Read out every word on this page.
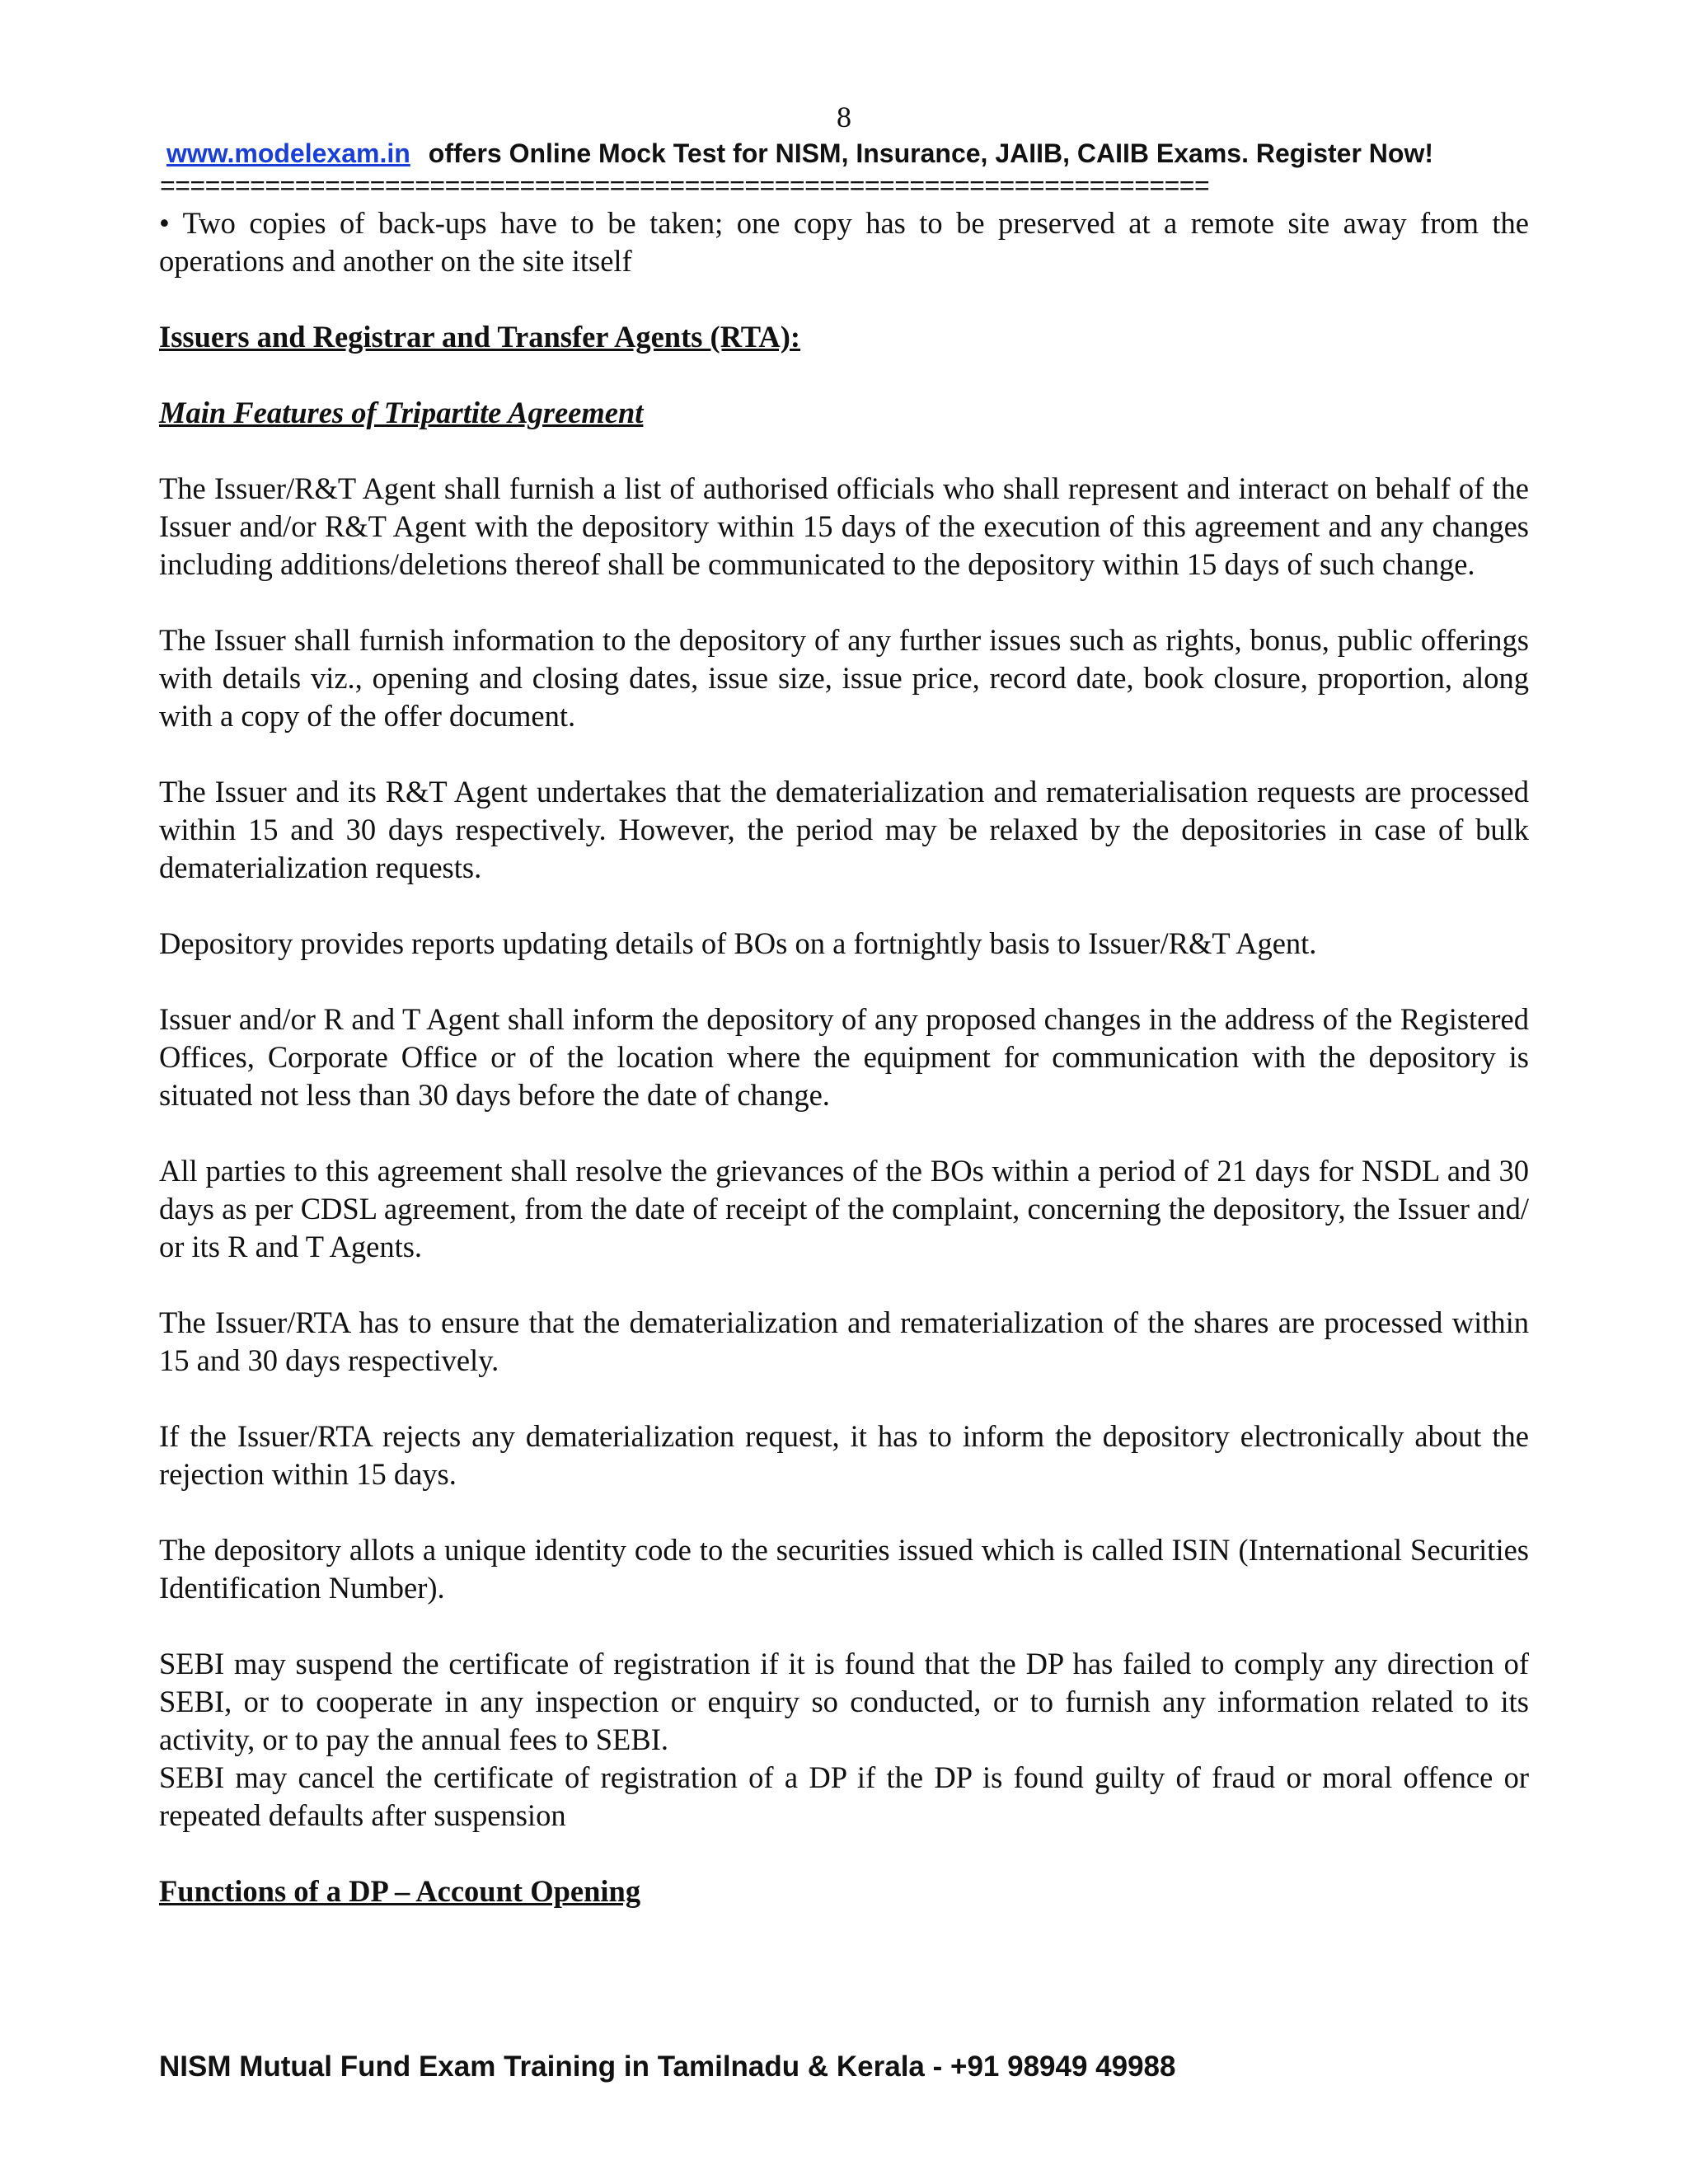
8
www.modelexam.in offers Online Mock Test for NISM, Insurance, JAIIB, CAIIB Exams. Register Now!
======================================================================

• Two copies of back-ups have to be taken; one copy has to be preserved at a remote site away from the operations and another on the site itself

Issuers and Registrar and Transfer Agents (RTA):
Main Features of Tripartite Agreement

The Issuer/R&T Agent shall furnish a list of authorised officials who shall represent and interact on behalf of the Issuer and/or R&T Agent with the depository within 15 days of the execution of this agreement and any changes including additions/deletions thereof shall be communicated to the depository within 15 days of such change.

The Issuer shall furnish information to the depository of any further issues such as rights, bonus, public offerings with details viz., opening and closing dates, issue size, issue price, record date, book closure, proportion, along with a copy of the offer document.

The Issuer and its R&T Agent undertakes that the dematerialization and rematerialisation requests are processed within 15 and 30 days respectively. However, the period may be relaxed by the depositories in case of bulk dematerialization requests.

Depository provides reports updating details of BOs on a fortnightly basis to Issuer/R&T Agent.

Issuer and/or R and T Agent shall inform the depository of any proposed changes in the address of the Registered Offices, Corporate Office or of the location where the equipment for communication with the depository is situated not less than 30 days before the date of change.

All parties to this agreement shall resolve the grievances of the BOs within a period of 21 days for NSDL and 30 days as per CDSL agreement, from the date of receipt of the complaint, concerning the depository, the Issuer and/ or its R and T Agents.

The Issuer/RTA has to ensure that the dematerialization and rematerialization of the shares are processed within 15 and 30 days respectively.

If the Issuer/RTA rejects any dematerialization request, it has to inform the depository electronically about the rejection within 15 days.

The depository allots a unique identity code to the securities issued which is called ISIN (International Securities Identification Number).

SEBI may suspend the certificate of registration if it is found that the DP has failed to comply any direction of SEBI, or to cooperate in any inspection or enquiry so conducted, or to furnish any information related to its activity, or to pay the annual fees to SEBI.

SEBI may cancel the certificate of registration of a DP if the DP is found guilty of fraud or moral offence or repeated defaults after suspension

Functions of a DP – Account Opening
NISM Mutual Fund Exam Training in Tamilnadu & Kerala - +91 98949 49988
